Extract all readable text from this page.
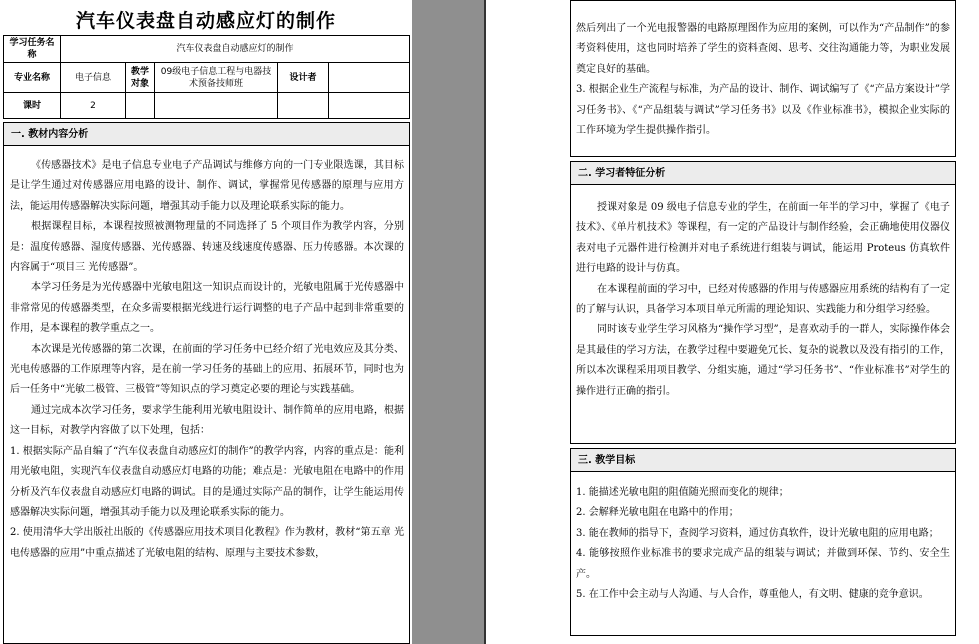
汽车仪表盘自动感应灯的制作
学习任务名称	汽车仪表盘自动感应灯的制作				
专业名称	电子信息	教学对象	09级电子信息工程与电器技术预备技师班	设计者	
课时	2				
一. 教材内容分析

《传感器技术》是电子信息专业电子产品调试与维修方向的一门专业限选课，其目标是让学生通过对传感器应用电路的设计、制作、调试，掌握常见传感器的原理与应用方法，能运用传感器解决实际问题，增强其动手能力以及理论联系实际的能力。

根据课程目标，本课程按照被测物理量的不同选择了 5 个项目作为教学内容，分别是：温度传感器、湿度传感器、光传感器、转速及线速度传感器、压力传感器。本次课的内容属于“项目三 光传感器”。

本学习任务是为光传感器中光敏电阻这一知识点而设计的，光敏电阻属于光传感器中非常常见的传感器类型，在众多需要根据光线进行运行调整的电子产品中起到非常重要的作用，是本课程的教学重点之一。

本次课是光传感器的第二次课，在前面的学习任务中已经介绍了光电效应及其分类、光电传感器的工作原理等内容，是在前一学习任务的基础上的应用、拓展环节，同时也为后一任务中“光敏二极管、三极管”等知识点的学习奠定必要的理论与实践基础。

通过完成本次学习任务，要求学生能利用光敏电阻设计、制作简单的应用电路，根据这一目标，对教学内容做了以下处理，包括：

1. 根据实际产品自编了“汽车仪表盘自动感应灯的制作”的教学内容，内容的重点是：能利用光敏电阻，实现汽车仪表盘自动感应灯电路的功能；难点是：光敏电阻在电路中的作用分析及汽车仪表盘自动感应灯电路的调试。目的是通过实际产品的制作，让学生能运用传感器解决实际问题，增强其动手能力以及理论联系实际的能力。

2. 使用清华大学出版社出版的《传感器应用技术项目化教程》作为教材，教材“第五章 光电传感器的应用”中重点描述了光敏电阻的结构、原理与主要技术参数，

然后列出了一个光电报警器的电路原理图作为应用的案例，可以作为“产品制作”的参考资料使用，这也同时培养了学生的资料查阅、思考、交往沟通能力等，为职业发展奠定良好的基础。

3. 根据企业生产流程与标准，为产品的设计、制作、调试编写了《“产品方案设计”学习任务书》、《“产品组装与调试”学习任务书》以及《作业标准书》，模拟企业实际的工作环境为学生提供操作指引。

二. 学习者特征分析

授课对象是 09 级电子信息专业的学生，在前面一年半的学习中，掌握了《电子技术》、《单片机技术》等课程，有一定的产品设计与制作经验，会正确地使用仪器仪表对电子元器件进行检测并对电子系统进行组装与调试，能运用 Proteus 仿真软件进行电路的设计与仿真。

在本课程前面的学习中，已经对传感器的作用与传感器应用系统的结构有了一定的了解与认识，具备学习本项目单元所需的理论知识、实践能力和分组学习经验。

同时该专业学生学习风格为“操作学习型”，是喜欢动手的一群人，实际操作体会是其最佳的学习方法，在教学过程中要避免冗长、复杂的说教以及没有指引的工作，所以本次课程采用项目教学、分组实施，通过“学习任务书”、“作业标准书”对学生的操作进行正确的指引。

三. 教学目标

1. 能描述光敏电阻的阻值随光照而变化的规律；

2. 会解释光敏电阻在电路中的作用；

3. 能在教师的指导下，查阅学习资料，通过仿真软件，设计光敏电阻的应用电路；

4. 能够按照作业标准书的要求完成产品的组装与调试；并做到环保、节约、安全生产。

5. 在工作中会主动与人沟通、与人合作，尊重他人，有文明、健康的竞争意识。
